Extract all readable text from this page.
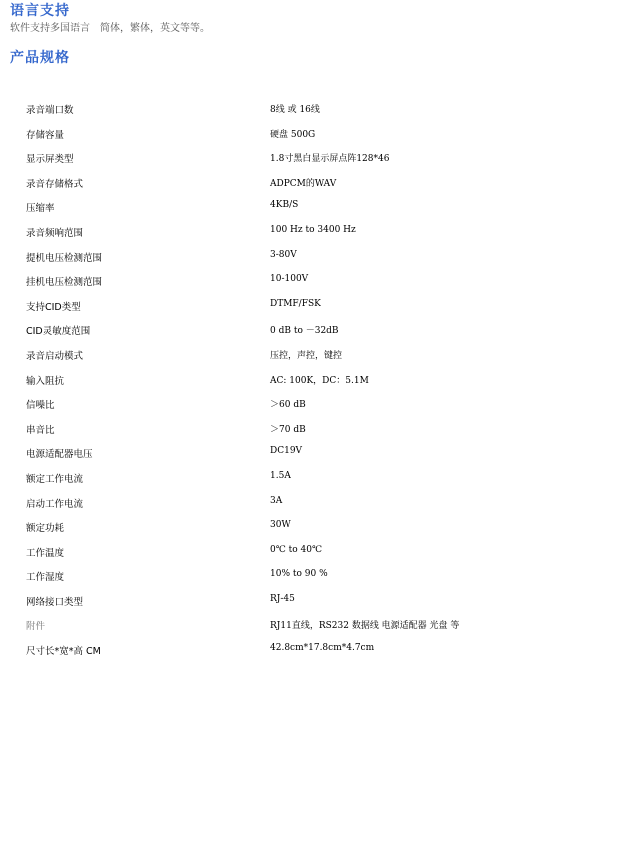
语言支持
软件支持多国语言 简体，繁体，英文等等。
产品规格
录音端口数	8线 或 16线
存储容量	硬盘 500G
显示屏类型	1.8寸黑白显示屏点阵128*46
录音存储格式	ADPCM的WAV
压缩率	4KB/S
录音频响范围	100 Hz to 3400 Hz
提机电压检测范围	3-80V
挂机电压检测范围	10-100V
支持CID类型	DTMF/FSK
CID灵敏度范围	0 dB to －32dB
录音启动模式	压控，声控，键控
输入阻抗	AC: 100K，DC：5.1M
信噪比	＞60 dB
串音比	＞70 dB
电源适配器电压	DC19V
额定工作电流	1.5A
启动工作电流	3A
额定功耗	30W
工作温度	0℃ to 40℃
工作湿度	10% to 90 %
网络接口类型	RJ-45
附件	RJ11直线，RS232 数据线 电源适配器 光盘 等
尺寸长*宽*高 CM	42.8cm*17.8cm*4.7cm
